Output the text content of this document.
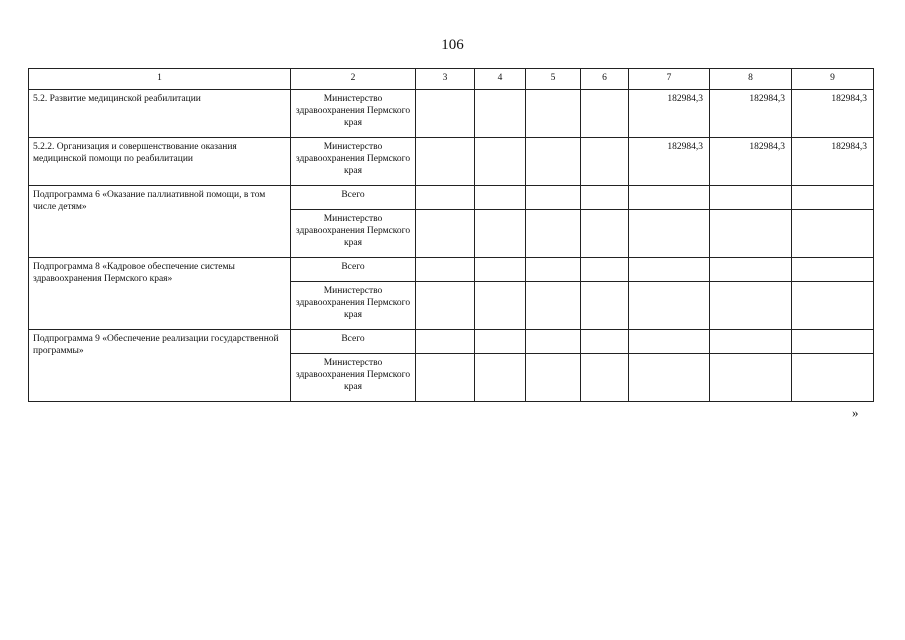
106
1	2	3	4	5	6	7	8	9
5.2. Развитие медицинской реабилитации	Министерство здравоохранения Пермского края					182984,3	182984,3	182984,3
5.2.2. Организация и совершенствование оказания медицинской помощи по реабилитации	Министерство здравоохранения Пермского края					182984,3	182984,3	182984,3
Подпрограмма 6 «Оказание паллиативной помощи, в том числе детям»	Всего							
	Министерство здравоохранения Пермского края							
Подпрограмма 8 «Кадровое обеспечение системы здравоохранения Пермского края»	Всего							
	Министерство здравоохранения Пермского края							
Подпрограмма 9 «Обеспечение реализации государственной программы»	Всего							
	Министерство здравоохранения Пермского края							
»
